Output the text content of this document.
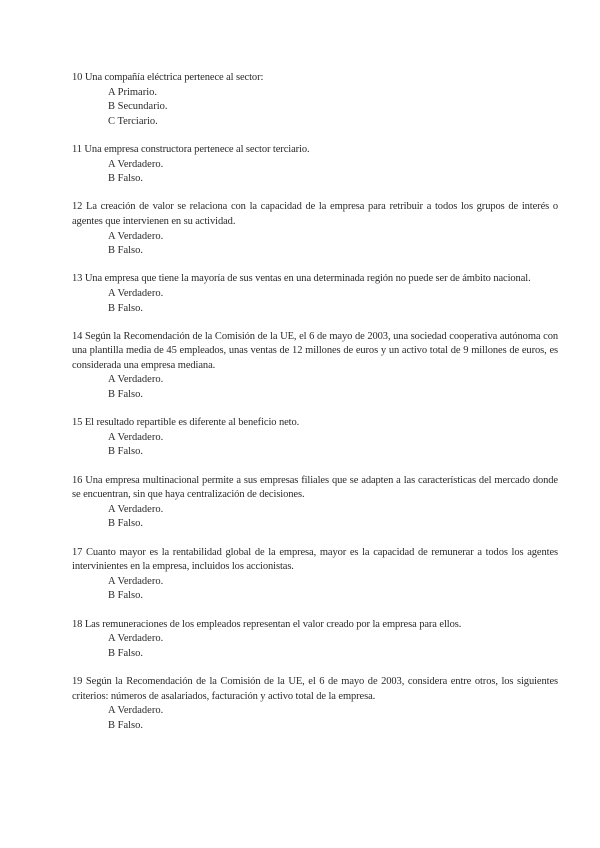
10 Una compañía eléctrica pertenece al sector:
A Primario.
B Secundario.
C Terciario.
11 Una empresa constructora pertenece al sector terciario.
A Verdadero.
B Falso.
12 La creación de valor se relaciona con la capacidad de la empresa para retribuir a todos los grupos de interés o agentes que intervienen en su actividad.
A Verdadero.
B Falso.
13 Una empresa que tiene la mayoría de sus ventas en una determinada región no puede ser de ámbito nacional.
A Verdadero.
B Falso.
14 Según la Recomendación de la Comisión de la UE, el 6 de mayo de 2003, una sociedad cooperativa autónoma con una plantilla media de 45 empleados, unas ventas de 12 millones de euros y un activo total de 9 millones de euros, es considerada una empresa mediana.
A Verdadero.
B Falso.
15 El resultado repartible es diferente al beneficio neto.
A Verdadero.
B Falso.
16 Una empresa multinacional permite a sus empresas filiales que se adapten a las características del mercado donde se encuentran, sin que haya centralización de decisiones.
A Verdadero.
B Falso.
17 Cuanto mayor es la rentabilidad global de la empresa, mayor es la capacidad de remunerar a todos los agentes intervinientes en la empresa, incluidos los accionistas.
A Verdadero.
B Falso.
18 Las remuneraciones de los empleados representan el valor creado por la empresa para ellos.
A Verdadero.
B Falso.
19 Según la Recomendación de la Comisión de la UE, el 6 de mayo de 2003, considera entre otros, los siguientes criterios: números de asalariados, facturación y activo total de la empresa.
A Verdadero.
B Falso.
